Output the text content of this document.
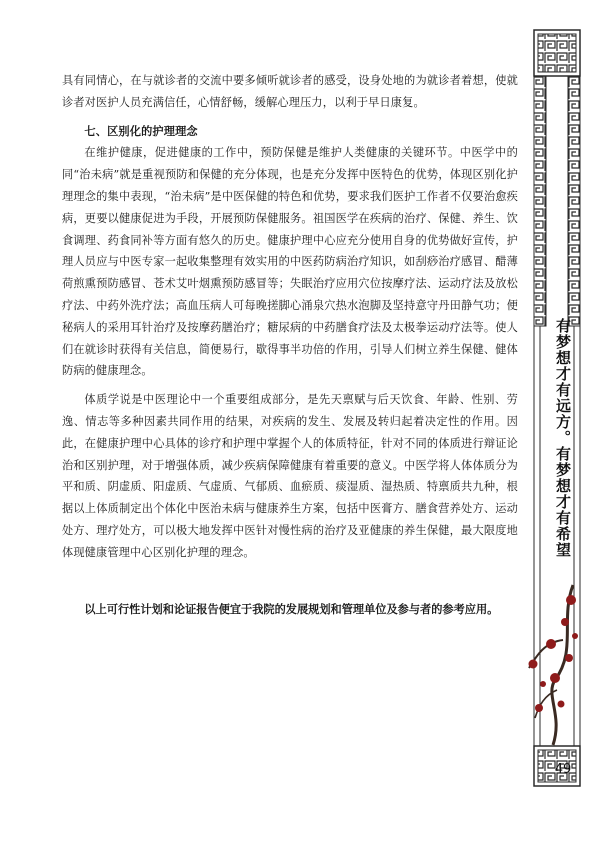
具有同情心，在与就诊者的交流中要多倾听就诊者的感受，设身处地的为就诊者着想，使就诊者对医护人员充满信任，心情舒畅，缓解心理压力，以利于早日康复。

七、区别化的护理理念

在维护健康，促进健康的工作中，预防保健是维护人类健康的关键环节。中医学中的同“治未病”就是重视预防和保健的充分体现，也是充分发挥中医特色的优势，体现区别化护理理念的集中表现，“治未病”是中医保健的特色和优势，要求我们医护工作者不仅要治愈疾病，更要以健康促进为手段，开展预防保健服务。祖国医学在疾病的治疗、保健、养生、饮食调理、药食同补等方面有悠久的历史。健康护理中心应充分使用自身的优势做好宣传，护理人员应与中医专家一起收集整理有效实用的中医药防病治疗知识，如刮痧治疗感冒、醋薄荷煎熏预防感冒、苍术艾叶烟熏预防感冒等；失眠治疗应用穴位按摩疗法、运动疗法及放松疗法、中药外洗疗法；高血压病人可每晚搓脚心涌泉穴热水泡脚及坚持意守丹田静气功；便秘病人的采用耳针治疗及按摩药膳治疗；糖尿病的中药膳食疗法及太极拳运动疗法等。使人们在就诊时获得有关信息，简便易行，歇得事半功倍的作用，引导人们树立养生保健、健体防病的健康理念。

体质学说是中医理论中一个重要组成部分，是先天禀赋与后天饮食、年龄、性别、劳逸、情志等多种因素共同作用的结果，对疾病的发生、发展及转归起着决定性的作用。因此，在健康护理中心具体的诊疗和护理中掌握个人的体质特征，针对不同的体质进行辩证论治和区别护理，对于增强体质，减少疾病保障健康有着重要的意义。中医学将人体体质分为平和质、阴虚质、阳虚质、气虚质、气郁质、血瘀质、痰湿质、湿热质、特禀质共九种，根据以上体质制定出个体化中医治未病与健康养生方案，包括中医膏方、膳食营养处方、运动处方、理疗处方，可以极大地发挥中医针对慢性病的治疗及亚健康的养生保健，最大限度地体现健康管理中心区别化护理的理念。

以上可行性计划和论证报告便宜于我院的发展规划和管理单位及参与者的参考应用。
有梦想才有远方。有梦想才有希望
49
